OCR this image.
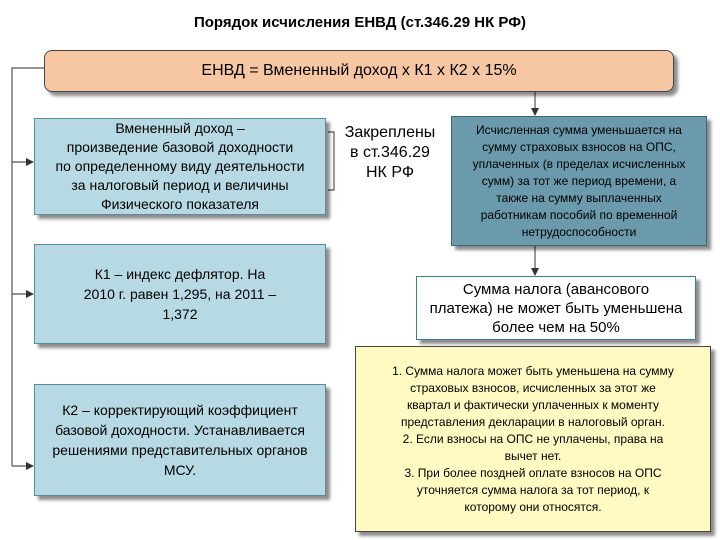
Порядок исчисления ЕНВД (ст.346.29 НК РФ)
ЕНВД = Вмененный доход х К1 х К2 х 15%
Вмененный доход –
произведение базовой доходности
по определенному виду деятельности
за налоговый период и величины
Физического показателя
Закреплены
в ст.346.29
НК РФ
Исчисленная сумма уменьшается на
сумму страховых взносов на ОПС,
уплаченных (в пределах исчисленных
сумм) за тот же период времени, а
также на сумму выплаченных
работникам пособий по временной
нетрудоспособности
К1 – индекс дефлятор. На
2010 г. равен 1,295, на 2011 –
1,372
Сумма налога (авансового
платежа) не может быть уменьшена
более чем на 50%
К2 – корректирующий коэффициент
базовой доходности. Устанавливается
решениями представительных органов
МСУ.
1. Сумма налога может быть уменьшена на сумму
страховых взносов, исчисленных за этот же
квартал и фактически уплаченных к моменту
представления декларации в налоговый орган.
2. Если взносы на ОПС не уплачены, права на
вычет нет.
3. При более поздней оплате взносов на ОПС
уточняется сумма налога за тот период, к
которому они относятся.
